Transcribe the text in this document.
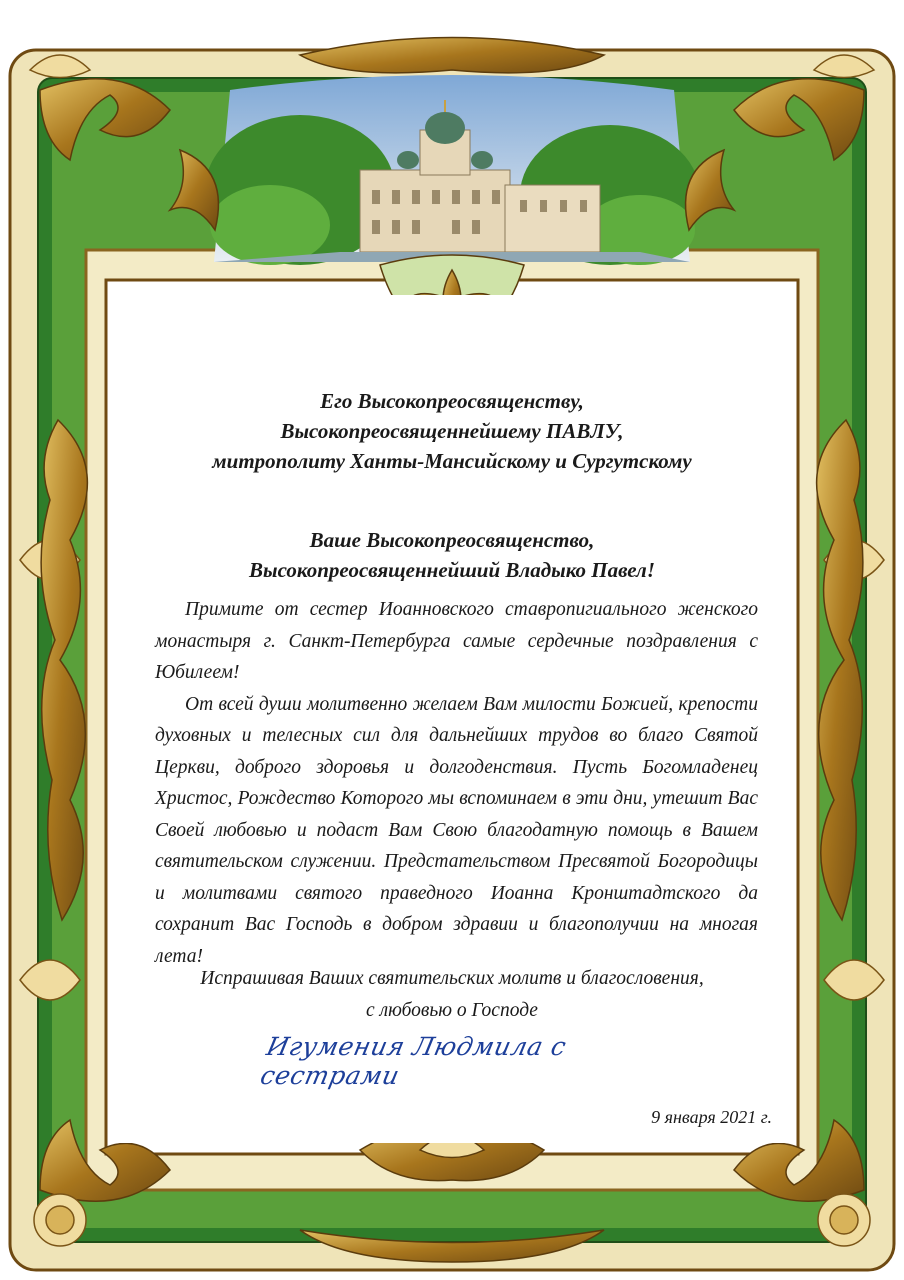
Его Высокопреосвященству,
Высокопреосвященнейшему ПАВЛУ,
митрополиту Ханты-Мансийскому и Сургутскому
Ваше Высокопреосвященство,
Высокопреосвященнейший Владыко Павел!

Примите от сестер Иоанновского ставропигиального женского монастыря г. Санкт-Петербурга самые сердечные поздравления с Юбилеем!

От всей души молитвенно желаем Вам милости Божией, крепости духовных и телесных сил для дальнейших трудов во благо Святой Церкви, доброго здоровья и долгоденствия. Пусть Богомладенец Христос, Рождество Которого мы вспоминаем в эти дни, утешит Вас Своей любовью и подаст Вам Свою благодатную помощь в Вашем святительском служении. Предстательством Пресвятой Богородицы и молитвами святого праведного Иоанна Кронштадтского да сохранит Вас Господь в добром здравии и благополучии на многая лета!

Испрашивая Ваших святительских молитв и благословения,
с любовью о Господе
Игумения Людмила с сестрами
9 января 2021 г.
